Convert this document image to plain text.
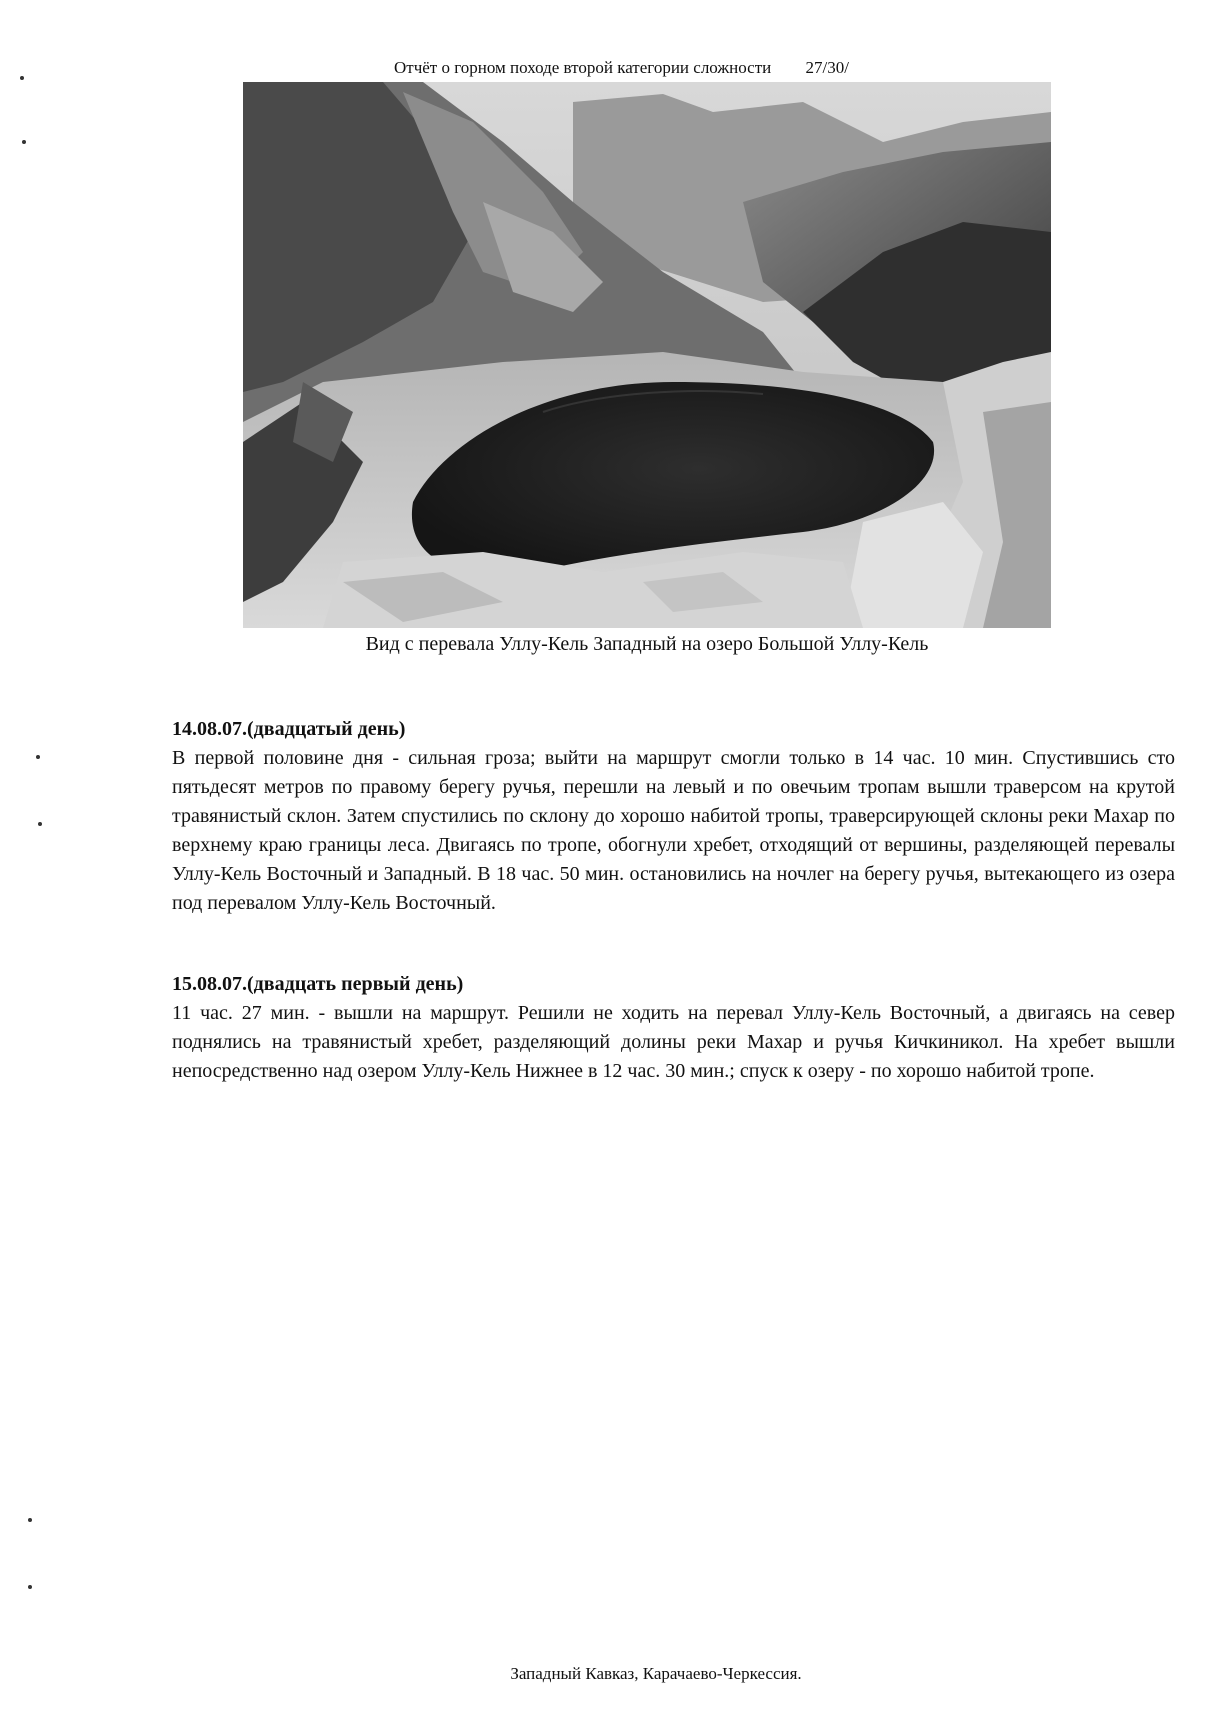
Отчёт о горном походе второй категории сложности 27/30/
Вид с перевала Уллу-Кель Западный на озеро Большой Уллу-Кель
14.08.07.(двадцатый день)

В первой половине дня - сильная гроза; выйти на маршрут смогли только в 14 час. 10 мин. Спустившись сто пятьдесят метров по правому берегу ручья, перешли на левый и по овечьим тропам вышли траверсом на крутой травянистый склон. Затем спустились по склону до хорошо набитой тропы, траверсирующей склоны реки Махар по верхнему краю границы леса. Двигаясь по тропе, обогнули хребет, отходящий от вершины, разделяющей перевалы Уллу-Кель Восточный и Западный. В 18 час. 50 мин. остановились на ночлег на берегу ручья, вытекающего из озера под перевалом Уллу-Кель Восточный.

15.08.07.(двадцать первый день)

11 час. 27 мин. - вышли на маршрут. Решили не ходить на перевал Уллу-Кель Восточный, а двигаясь на север поднялись на травянистый хребет, разделяющий долины реки Махар и ручья Кичкиникол. На хребет вышли непосредственно над озером Уллу-Кель Нижнее в 12 час. 30 мин.; спуск к озеру - по хорошо набитой тропе.

Западный Кавказ, Карачаево-Черкессия.
